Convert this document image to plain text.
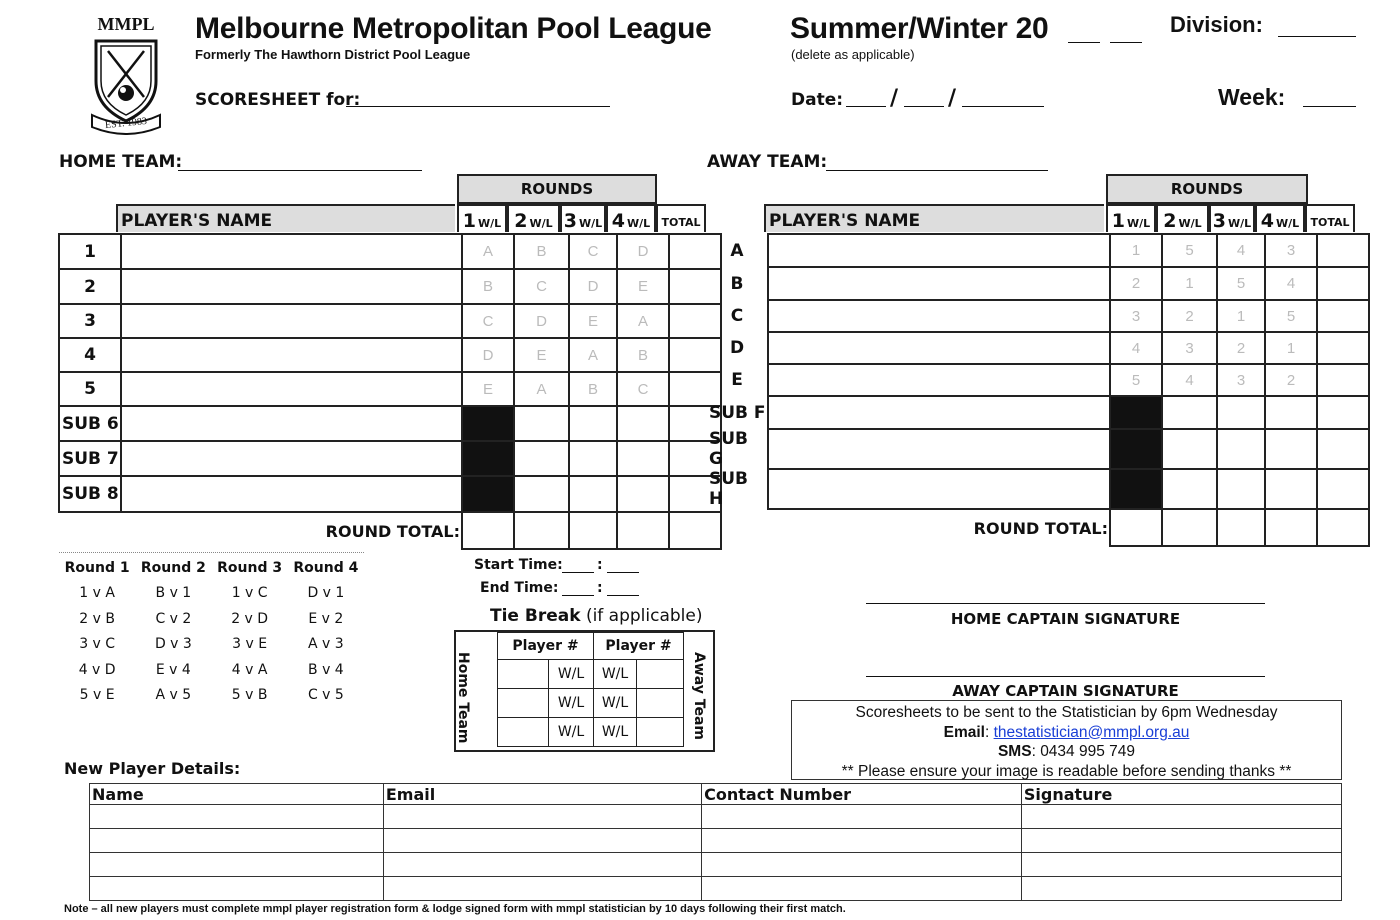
MMPL
EST. 1983
Melbourne Metropolitan Pool League
Formerly The Hawthorn District Pool League
Summer/Winter 20
(delete as applicable)
Division:
SCORESHEET for:	Date: / /	Week:
HOME TEAM:	AWAY TEAM:
ROUNDS
PLAYER'S NAME	1 W/L 2 W/L 3 W/L 4 W/L	TOTAL
1		A	B	C	D	
2		B	C	D	E	
3		C	D	E	A	
4		D	E	A	B	
5		E	A	B	C	
SUB 6						
SUB 7						
SUB 8						
ROUND TOTAL:						
ROUNDS
PLAYER'S NAME	1 W/L 2 W/L 3 W/L 4 W/L	TOTAL
A		1	5	4	3	
B		2	1	5	4	
C		3	2	1	5	
D		4	3	2	1	
E		5	4	3	2	
SUB F						
SUB G						
SUB H						
ROUND TOTAL:						
Round 1	Round 2	Round 3	Round 4
1 v A	B v 1	1 v C	D v 1
2 v B	C v 2	2 v D	E v 2
3 v C	D v 3	3 v E	A v 3
4 v D	E v 4	4 v A	B v 4
5 v E	A v 5	5 v B	C v 5
Start Time: :
End Time:	:
Tie Break (if applicable)
Home Team	Away Team
Player #		Player #	
	W/L	W/L	
	W/L	W/L	
	W/L	W/L	
HOME CAPTAIN SIGNATURE
AWAY CAPTAIN SIGNATURE
Scoresheets to be sent to the Statistician by 6pm Wednesday
Email: thestatistician@mmpl.org.au
SMS: 0434 995 749
** Please ensure your image is readable before sending thanks **
New Player Details:
Name	Email	Contact Number	Signature

Note – all new players must complete mmpl player registration form & lodge signed form with mmpl statistician by 10 days following their first match.
